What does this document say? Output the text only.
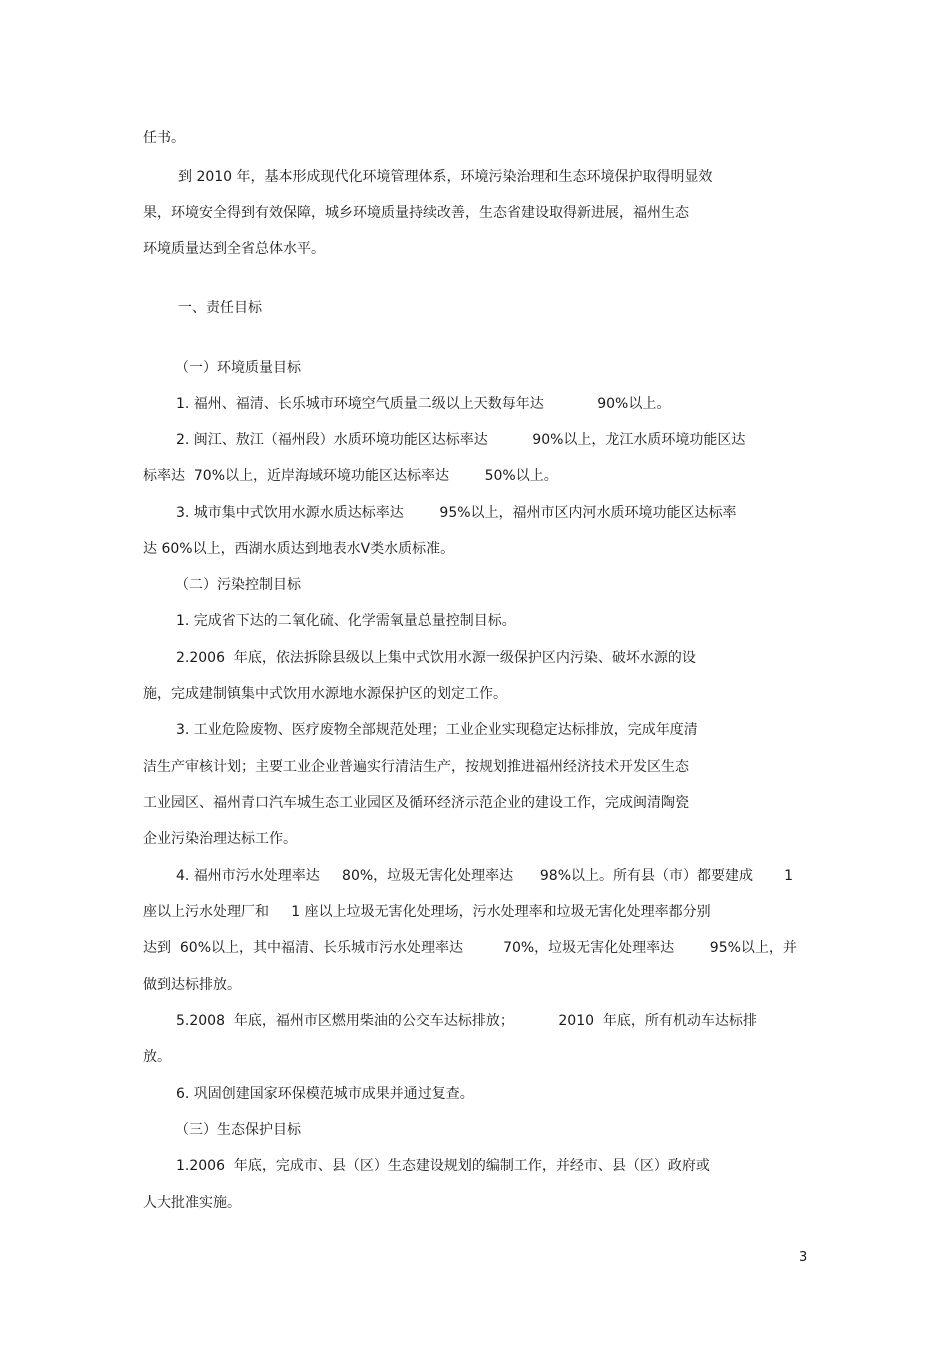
任书。
到 2010 年，基本形成现代化环境管理体系，环境污染治理和生态环境保护取得明显效
果，环境安全得到有效保障，城乡环境质量持续改善，生态省建设取得新进展，福州生态
环境质量达到全省总体水平。
一、责任目标
（一）环境质量目标
1. 福州、福清、长乐城市环境空气质量二级以上天数每年达            90%以上。
2. 闽江、敖江（福州段）水质环境功能区达标率达          90%以上，龙江水质环境功能区达
标率达  70%以上，近岸海域环境功能区达标率达        50%以上。
3. 城市集中式饮用水源水质达标率达        95%以上，福州市区内河水质环境功能区达标率
达 60%以上，西湖水质达到地表水Ⅴ类水质标准。
（二）污染控制目标
1. 完成省下达的二氧化硫、化学需氧量总量控制目标。
2.2006  年底，依法拆除县级以上集中式饮用水源一级保护区内污染、破坏水源的设
施，完成建制镇集中式饮用水源地水源保护区的划定工作。
3. 工业危险废物、医疗废物全部规范处理；工业企业实现稳定达标排放，完成年度清
洁生产审核计划；主要工业企业普遍实行清洁生产，按规划推进福州经济技术开发区生态
工业园区、福州青口汽车城生态工业园区及循环经济示范企业的建设工作，完成闽清陶瓷
企业污染治理达标工作。
4. 福州市污水处理率达     80%，垃圾无害化处理率达      98%以上。所有县（市）都要建成       1
座以上污水处理厂和     1 座以上垃圾无害化处理场，污水处理率和垃圾无害化处理率都分别
达到  60%以上，其中福清、长乐城市污水处理率达         70%，垃圾无害化处理率达        95%以上，并
做到达标排放。
5.2008  年底，福州市区燃用柴油的公交车达标排放；          2010  年底，所有机动车达标排
放。
6. 巩固创建国家环保模范城市成果并通过复查。
（三）生态保护目标
1.2006  年底，完成市、县（区）生态建设规划的编制工作，并经市、县（区）政府或
人大批准实施。
3
